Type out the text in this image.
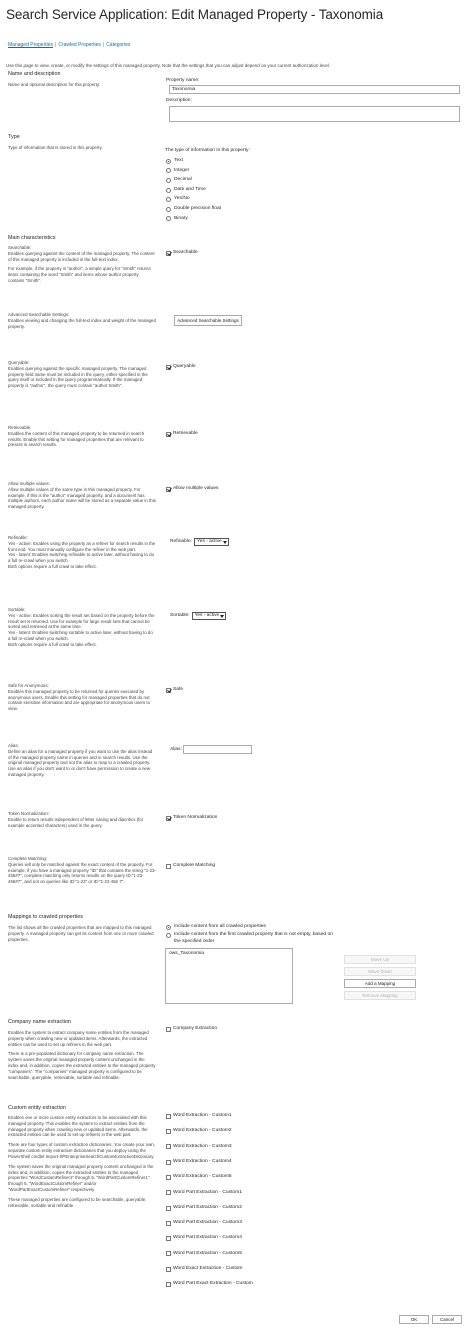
Search Service Application: Edit Managed Property - Taxonomia
Managed Properties | Crawled Properties | Categories
Use this page to view, create, or modify the settings of this managed property. Note that the settings that you can adjust depend on your current authorization level.
Name and description
Name and optional description for this property.
Property name:
Taxonomia
Description:
Type
Type of information that is stored in this property.
The type of information in this property:
Text
Integer
Decimal
Date and Time
Yes/No
Double precision float
Binary
Main characteristics
Searchable:

Enables querying against the content of the managed property. The content of this managed property is included in the full-text index.

For example, if the property is "author", a simple query for "Smith" returns items containing the word "Smith" and items whose author property contains "Smith".

Searchable
Advanced Searchable Settings:

Enables viewing and changing the full-text index and weight of the managed property.

Advanced Searchable Settings
Queryable:

Enables querying against the specific managed property. The managed property field name must be included in the query, either specified in the query itself or included in the query programmatically. If the managed property is "author", the query must contain "author:Smith".

Queryable
Retrievable:

Enables the content of this managed property to be returned in search results. Enable this setting for managed properties that are relevant to present in search results.

Retrievable
Allow multiple values:

Allow multiple values of the same type in this managed property. For example, if this is the "author" managed property, and a document has multiple authors, each author name will be stored as a separate value in this managed property.

Allow multiple values
Refinable:

Yes - active: Enables using the property as a refiner for search results in the front end. You must manually configure the refiner in the web part.

Yes - latent: Enables switching refinable to active later, without having to do a full re-crawl when you switch.

Both options require a full crawl to take effect.

Refinable: Yes - active
Sortable:

Yes - active: Enables sorting the result set based on the property before the result set is returned. Use for example for large result sets that cannot be sorted and retrieved at the same time.

Yes - latent: Enables switching sortable to active later, without having to do a full re-crawl when you switch.

Both options require a full crawl to take effect.

Sortable: Yes - active
Safe for Anonymous:

Enables this managed property to be returned for queries executed by anonymous users. Enable this setting for managed properties that do not contain sensitive information and are appropriate for anonymous users to view.

Safe
Alias:

Define an alias for a managed property if you want to use the alias instead of the managed property name in queries and in search results. Use the original managed property and not the alias to map to a crawled property. Use an alias if you don't want to or don't have permission to create a new managed property.

Alias:
Token Normalization:

Enable to return results independent of letter casing and diacritics (for example accented characters) used in the query.

Token Normalization
Complete Matching:

Queries will only be matched against the exact content of the property. For example, if you have a managed property "ID" that contains the string "1-23-456#7", complete matching only returns results on the query ID:"1-23-456#7", and not on queries like ID:"1-23" or ID:"1-23 456 7".

Complete Matching
Mappings to crawled properties
The list shows all the crawled properties that are mapped to this managed property. A managed property can get its content from one or more crawled properties.
Include content from all crawled properties
Include content from the first crawled property that is not empty, based on the specified order
ows_Taxonomia
Move Up
Move Down
Add a Mapping
Remove Mapping
Company name extraction

Enables the system to extract company name entities from the managed property when crawling new or updated items. Afterwards, the extracted entities can be used to set up refiners in the web part.

There is a pre-populated dictionary for company name extraction. The system saves the original managed property content unchanged in the index and, in addition, copies the extracted entities to the managed property "companies". The "companies" managed property is configured to be searchable, queryable, retrievable, sortable and refinable.

Company Extraction
Custom entity extraction

Enables one or more custom entity extractors to be associated with this managed property. This enables the system to extract entities from the managed property when crawling new or updated items. Afterwards, the extracted entities can be used to set up refiners in the web part.

There are four types of custom extraction dictionaries. You create your own, separate custom entity extraction dictionaries that you deploy using the PowerShell cmdlet Import-SPEnterpriseSearchCustomExtractionDictionary.

The system saves the original managed property content unchanged in the index and, in addition, copies the extracted entities to the managed properties "WordCustomRefiner1" through 5, "WordPartCustomRefiner1" through 5, "WordExactCustomRefiner" and/or "WordPartExactCustomRefiner" respectively.

These managed properties are configured to be searchable, queryable, retrievable, sortable and refinable.

Word Extraction - Custom1
Word Extraction - Custom2
Word Extraction - Custom3
Word Extraction - Custom4
Word Extraction - Custom5
Word Part Extraction - Custom1
Word Part Extraction - Custom2
Word Part Extraction - Custom3
Word Part Extraction - Custom4
Word Part Extraction - Custom5
Word Exact Extraction - Custom
Word Part Exact Extraction - Custom
OK	Cancel
